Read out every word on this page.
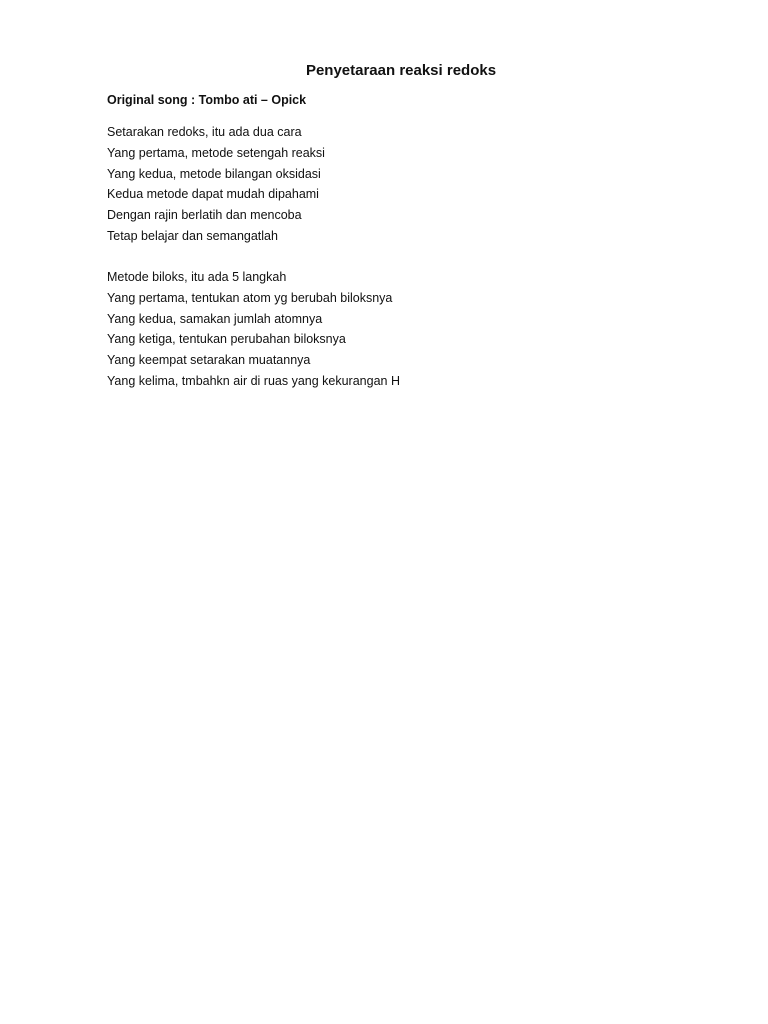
Penyetaraan reaksi redoks

Original song : Tombo ati – Opick

Setarakan redoks, itu ada dua cara
Yang pertama, metode setengah reaksi
Yang kedua, metode bilangan oksidasi
Kedua metode dapat mudah dipahami
Dengan rajin berlatih dan mencoba
Tetap belajar dan semangatlah
Metode biloks, itu ada 5 langkah
Yang pertama, tentukan atom yg berubah biloksnya
Yang kedua, samakan jumlah atomnya
Yang ketiga, tentukan perubahan biloksnya
Yang keempat setarakan muatannya
Yang kelima, tmbahkn air di ruas yang kekurangan H
